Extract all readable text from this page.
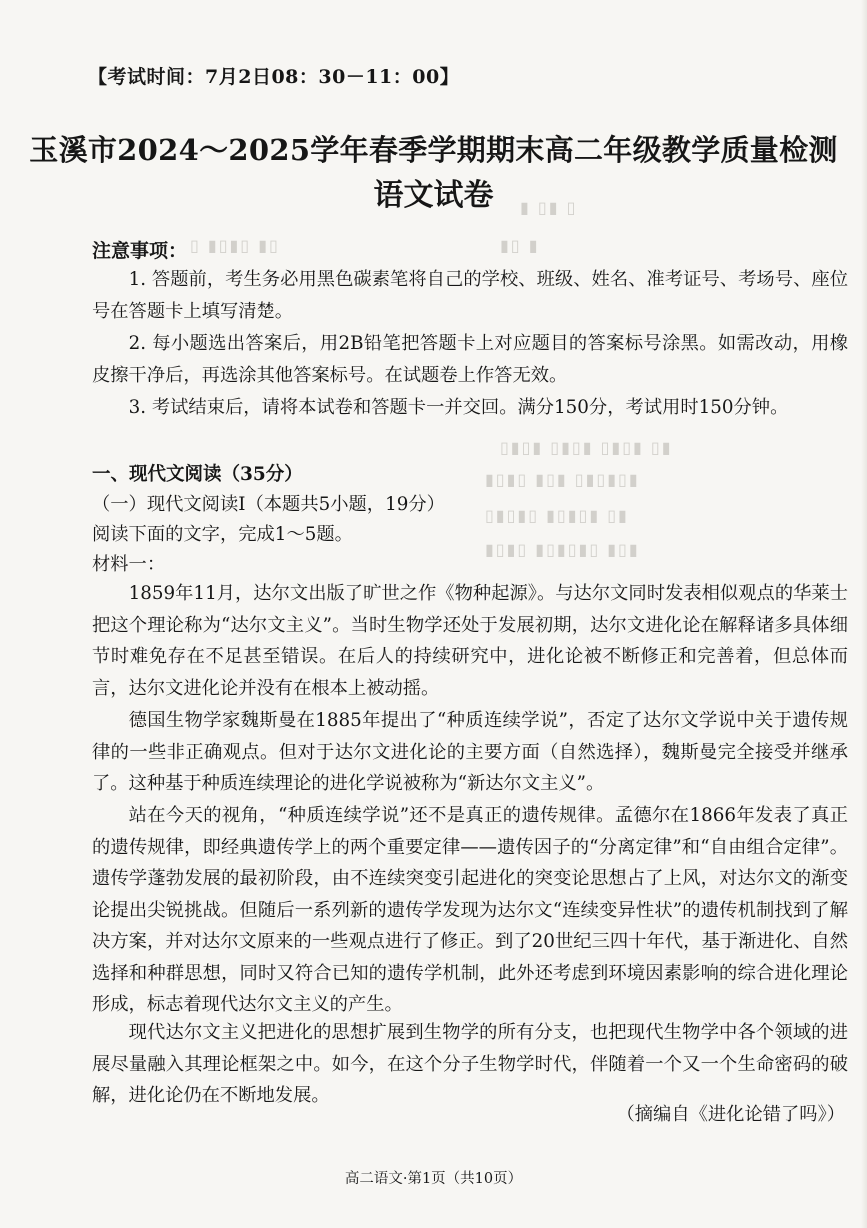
【考试时间：7月2日08：30－11：00】
玉溪市2024～2025学年春季学期期末高二年级教学质量检测
语文试卷	▮ ▯▮ ▯
▯ ▮▯▮▯ ▮▯	▮▯ ▮
注意事项：
1. 答题前，考生务必用黑色碳素笔将自己的学校、班级、姓名、准考证号、考场号、座位号在答题卡上填写清楚。
2. 每小题选出答案后，用2B铅笔把答题卡上对应题目的答案标号涂黑。如需改动，用橡皮擦干净后，再选涂其他答案标号。在试题卷上作答无效。
3. 考试结束后，请将本试卷和答题卡一并交回。满分150分，考试用时150分钟。
▯▮▯▮ ▯▮▯▮ ▯▮▯▮ ▯▮
▮▯▮▯ ▮▯▮ ▯▮▯▮▯▮
▯▮▯▮▯ ▮▯▮▯▮ ▯▮
▮▯▮▯ ▮▯▮▯▮▯ ▮▯▮
一、现代文阅读（35分）
（一）现代文阅读Ⅰ（本题共5小题，19分）
阅读下面的文字，完成1～5题。
材料一：
1859年11月，达尔文出版了旷世之作《物种起源》。与达尔文同时发表相似观点的华莱士把这个理论称为“达尔文主义”。当时生物学还处于发展初期，达尔文进化论在解释诸多具体细节时难免存在不足甚至错误。在后人的持续研究中，进化论被不断修正和完善着，但总体而言，达尔文进化论并没有在根本上被动摇。
德国生物学家魏斯曼在1885年提出了“种质连续学说”，否定了达尔文学说中关于遗传规律的一些非正确观点。但对于达尔文进化论的主要方面（自然选择），魏斯曼完全接受并继承了。这种基于种质连续理论的进化学说被称为“新达尔文主义”。
站在今天的视角，“种质连续学说”还不是真正的遗传规律。孟德尔在1866年发表了真正的遗传规律，即经典遗传学上的两个重要定律——遗传因子的“分离定律”和“自由组合定律”。遗传学蓬勃发展的最初阶段，由不连续突变引起进化的突变论思想占了上风，对达尔文的渐变论提出尖锐挑战。但随后一系列新的遗传学发现为达尔文“连续变异性状”的遗传机制找到了解决方案，并对达尔文原来的一些观点进行了修正。到了20世纪三四十年代，基于渐进化、自然选择和种群思想，同时又符合已知的遗传学机制，此外还考虑到环境因素影响的综合进化理论形成，标志着现代达尔文主义的产生。
现代达尔文主义把进化的思想扩展到生物学的所有分支，也把现代生物学中各个领域的进展尽量融入其理论框架之中。如今，在这个分子生物学时代，伴随着一个又一个生命密码的破解，进化论仍在不断地发展。
（摘编自《进化论错了吗》）
高二语文·第1页（共10页）
